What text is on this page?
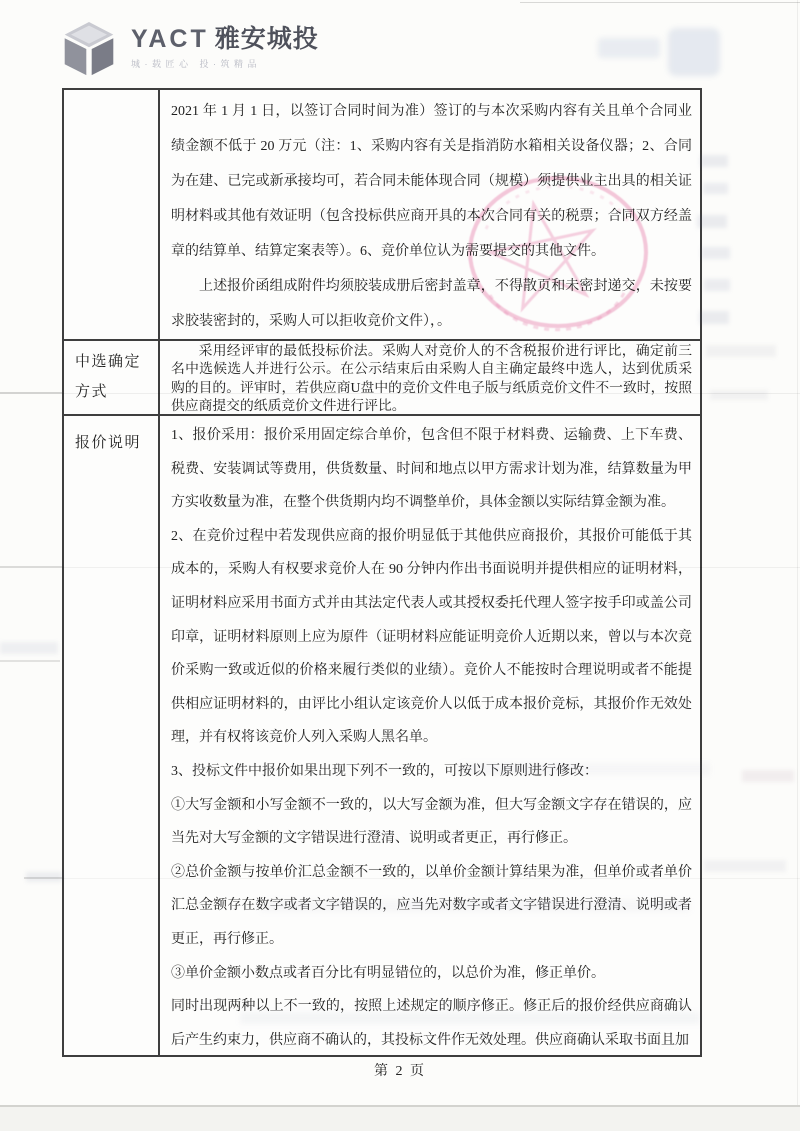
YACT 雅安城投
城·载匠心 投·筑精品

2021 年 1 月 1 日，以签订合同时间为准）签订的与本次采购内容有关且单个合同业绩金额不低于 20 万元（注：1、采购内容有关是指消防水箱相关设备仪器；2、合同为在建、已完或新承接均可，若合同未能体现合同（规模）须提供业主出具的相关证明材料或其他有效证明（包含投标供应商开具的本次合同有关的税票；合同双方经盖章的结算单、结算定案表等）。6、竞价单位认为需要提交的其他文件。

上述报价函组成附件均须胶装成册后密封盖章，不得散页和未密封递交，未按要求胶装密封的，采购人可以拒收竞价文件），。

中选确定方式

采用经评审的最低投标价法。采购人对竞价人的不含税报价进行评比，确定前三名中选候选人并进行公示。在公示结束后由采购人自主确定最终中选人，达到优质采购的目的。评审时，若供应商U盘中的竞价文件电子版与纸质竞价文件不一致时，按照供应商提交的纸质竞价文件进行评比。

报价说明	1、报价采用：报价采用固定综合单价，包含但不限于材料费、运输费、上下车费、税费、安装调试等费用，供货数量、时间和地点以甲方需求计划为准，结算数量为甲方实收数量为准，在整个供货期内均不调整单价，具体金额以实际结算金额为准。

2、在竞价过程中若发现供应商的报价明显低于其他供应商报价，其报价可能低于其成本的，采购人有权要求竞价人在 90 分钟内作出书面说明并提供相应的证明材料，证明材料应采用书面方式并由其法定代表人或其授权委托代理人签字按手印或盖公司印章，证明材料原则上应为原件（证明材料应能证明竞价人近期以来，曾以与本次竞价采购一致或近似的价格来履行类似的业绩）。竞价人不能按时合理说明或者不能提供相应证明材料的，由评比小组认定该竞价人以低于成本报价竞标，其报价作无效处理，并有权将该竞价人列入采购人黑名单。

3、投标文件中报价如果出现下列不一致的，可按以下原则进行修改：

①大写金额和小写金额不一致的，以大写金额为准，但大写金额文字存在错误的，应当先对大写金额的文字错误进行澄清、说明或者更正，再行修正。

②总价金额与按单价汇总金额不一致的，以单价金额计算结果为准，但单价或者单价汇总金额存在数字或者文字错误的，应当先对数字或者文字错误进行澄清、说明或者更正，再行修正。

③单价金额小数点或者百分比有明显错位的，以总价为准，修正单价。

同时出现两种以上不一致的，按照上述规定的顺序修正。修正后的报价经供应商确认后产生约束力，供应商不确认的，其投标文件作无效处理。供应商确认采取书面且加

第 2 页
